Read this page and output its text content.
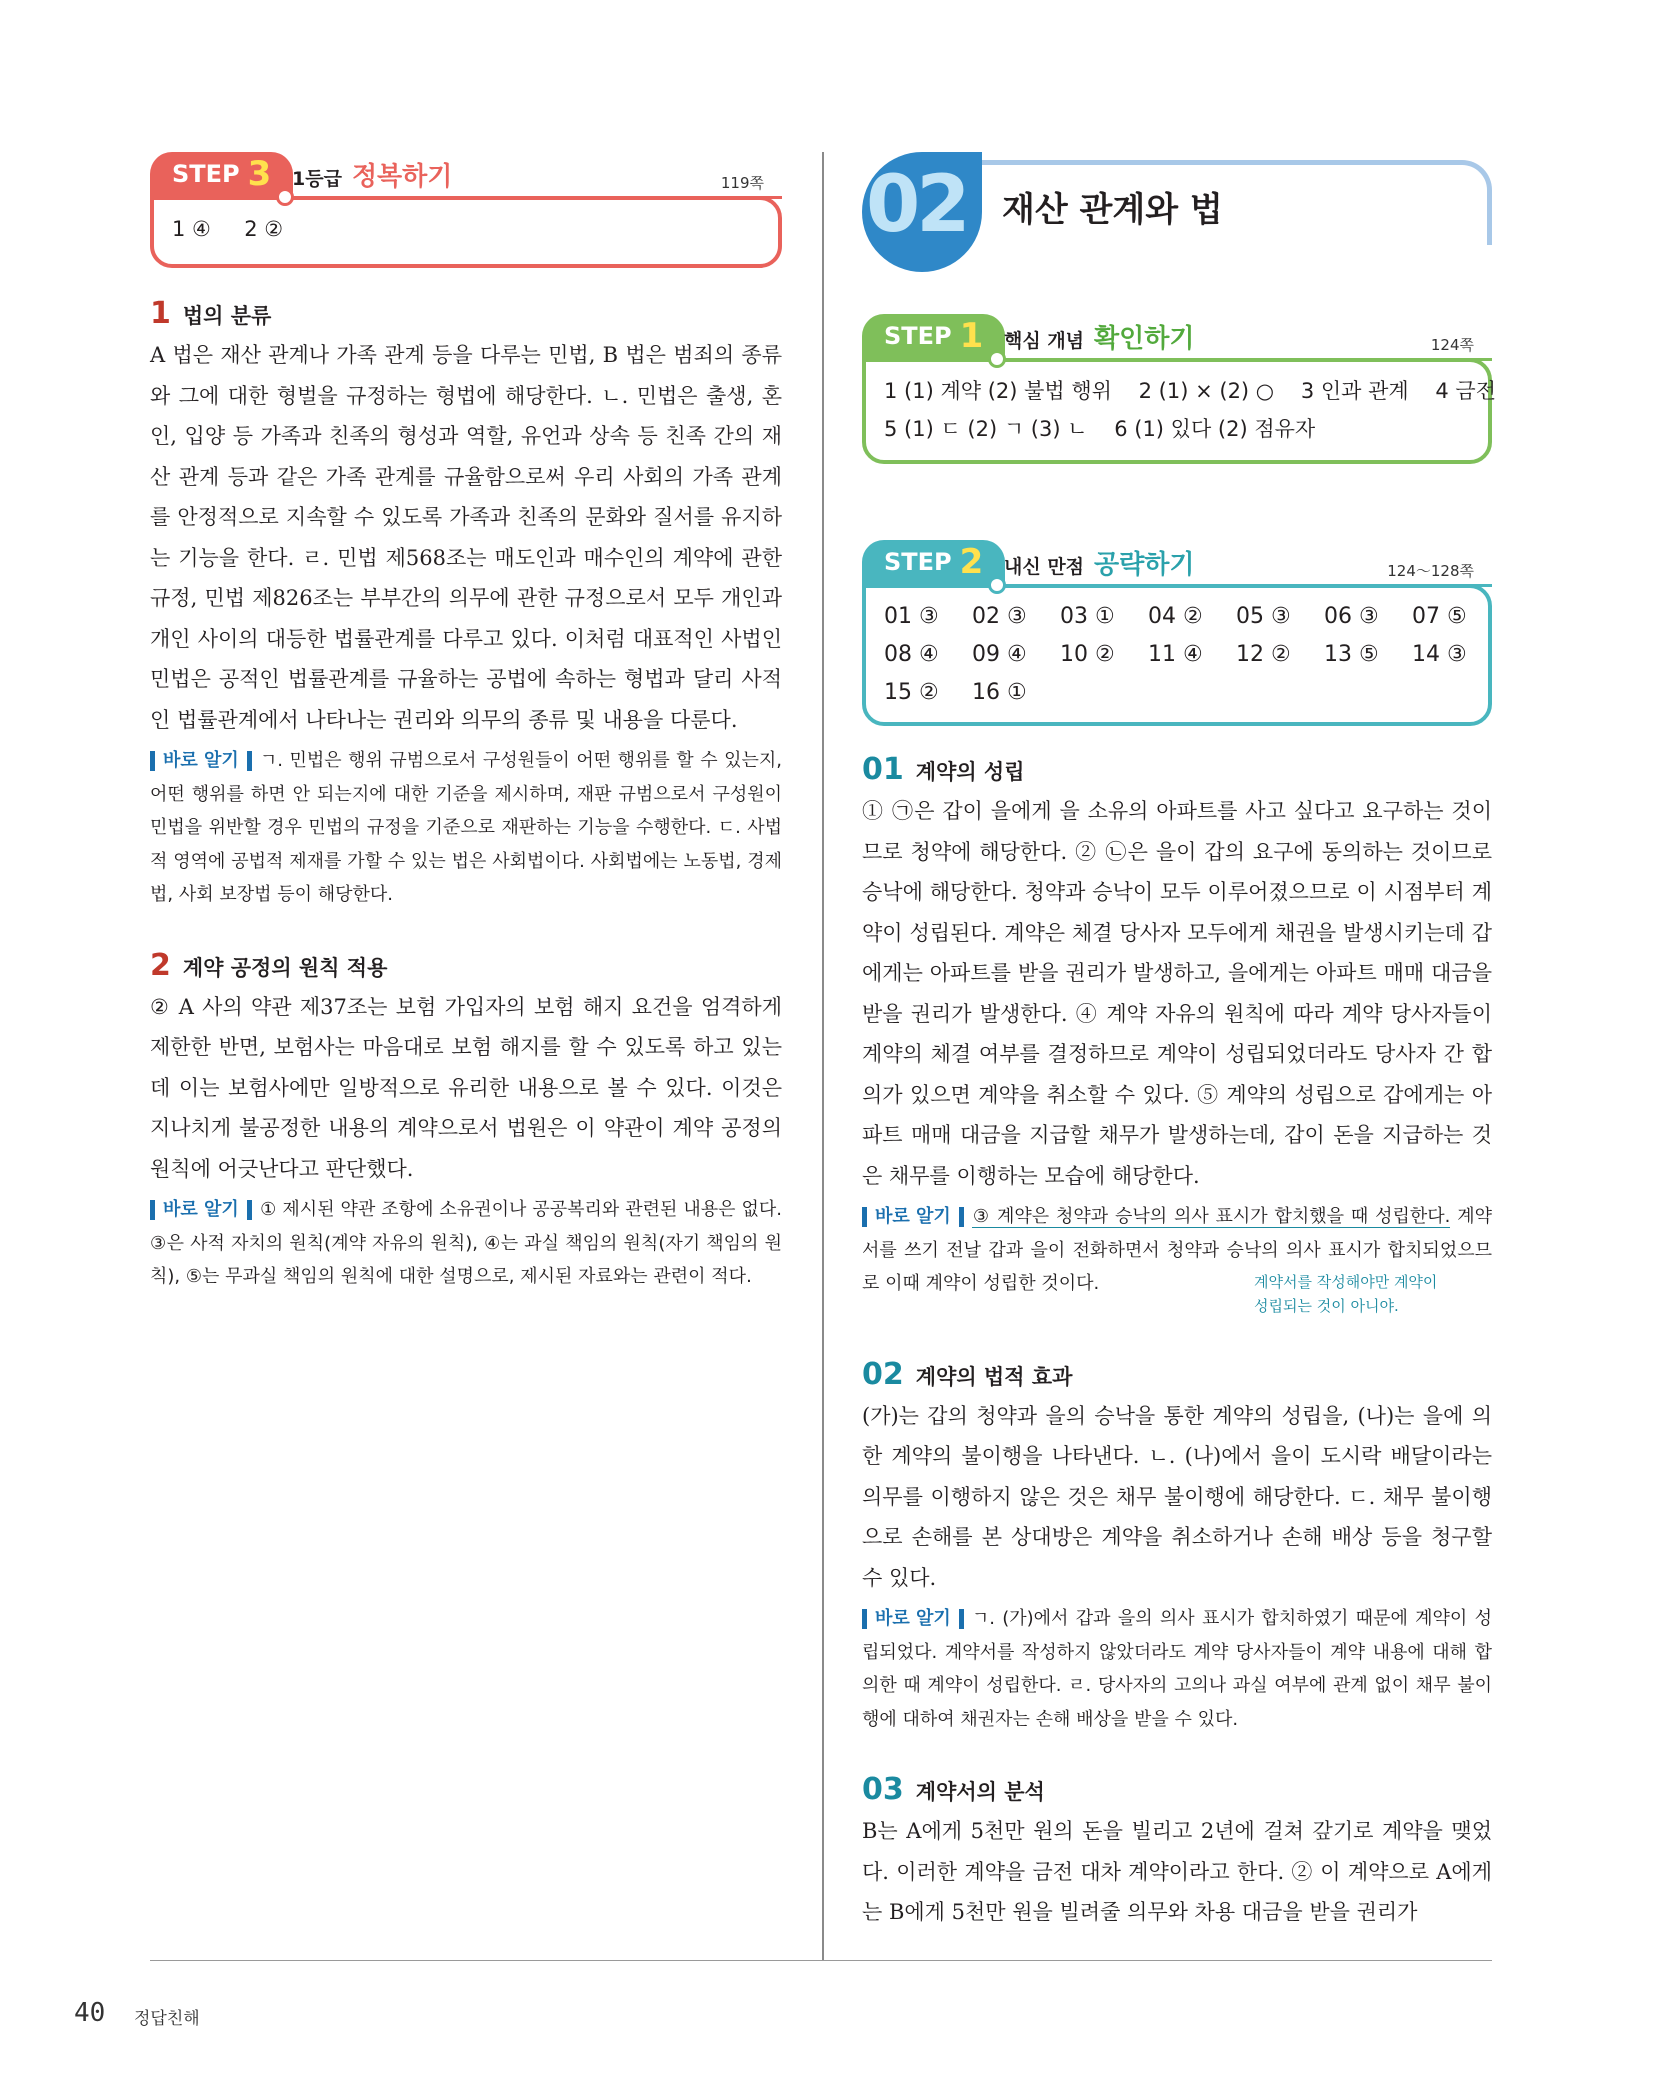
STEP 3 1등급 정복하기	119쪽
1 ④     2 ②
1 법의 분류

A 법은 재산 관계나 가족 관계 등을 다루는 민법, B 법은 범죄의 종류와 그에 대한 형벌을 규정하는 형법에 해당한다. ㄴ. 민법은 출생, 혼인, 입양 등 가족과 친족의 형성과 역할, 유언과 상속 등 친족 간의 재산 관계 등과 같은 가족 관계를 규율함으로써 우리 사회의 가족 관계를 안정적으로 지속할 수 있도록 가족과 친족의 문화와 질서를 유지하는 기능을 한다. ㄹ. 민법 제568조는 매도인과 매수인의 계약에 관한 규정, 민법 제826조는 부부간의 의무에 관한 규정으로서 모두 개인과 개인 사이의 대등한 법률관계를 다루고 있다. 이처럼 대표적인 사법인 민법은 공적인 법률관계를 규율하는 공법에 속하는 형법과 달리 사적인 법률관계에서 나타나는 권리와 의무의 종류 및 내용을 다룬다.

바로 알기 ㄱ. 민법은 행위 규범으로서 구성원들이 어떤 행위를 할 수 있는지, 어떤 행위를 하면 안 되는지에 대한 기준을 제시하며, 재판 규범으로서 구성원이 민법을 위반할 경우 민법의 규정을 기준으로 재판하는 기능을 수행한다. ㄷ. 사법적 영역에 공법적 제재를 가할 수 있는 법은 사회법이다. 사회법에는 노동법, 경제법, 사회 보장법 등이 해당한다.

2 계약 공정의 원칙 적용

② A 사의 약관 제37조는 보험 가입자의 보험 해지 요건을 엄격하게 제한한 반면, 보험사는 마음대로 보험 해지를 할 수 있도록 하고 있는데 이는 보험사에만 일방적으로 유리한 내용으로 볼 수 있다. 이것은 지나치게 불공정한 내용의 계약으로서 법원은 이 약관이 계약 공정의 원칙에 어긋난다고 판단했다.

바로 알기 ① 제시된 약관 조항에 소유권이나 공공복리와 관련된 내용은 없다. ③은 사적 자치의 원칙(계약 자유의 원칙), ④는 과실 책임의 원칙(자기 책임의 원칙), ⑤는 무과실 책임의 원칙에 대한 설명으로, 제시된 자료와는 관련이 적다.

02 재산 관계와 법
STEP 1 핵심 개념 확인하기	124쪽
1 (1) 계약 (2) 불법 행위    2 (1) × (2) ○    3 인과 관계    4 금전
5 (1) ㄷ (2) ㄱ (3) ㄴ    6 (1) 있다 (2) 점유자
STEP 2 내신 만점 공략하기	124～128쪽
01 ③	02 ③	03 ①	04 ②	05 ③	06 ③	07 ⑤
08 ④	09 ④	10 ②	11 ④	12 ②	13 ⑤	14 ③
15 ②	16 ①
01 계약의 성립

① ㉠은 갑이 을에게 을 소유의 아파트를 사고 싶다고 요구하는 것이므로 청약에 해당한다. ② ㉡은 을이 갑의 요구에 동의하는 것이므로 승낙에 해당한다. 청약과 승낙이 모두 이루어졌으므로 이 시점부터 계약이 성립된다. 계약은 체결 당사자 모두에게 채권을 발생시키는데 갑에게는 아파트를 받을 권리가 발생하고, 을에게는 아파트 매매 대금을 받을 권리가 발생한다. ④ 계약 자유의 원칙에 따라 계약 당사자들이 계약의 체결 여부를 결정하므로 계약이 성립되었더라도 당사자 간 합의가 있으면 계약을 취소할 수 있다. ⑤ 계약의 성립으로 갑에게는 아파트 매매 대금을 지급할 채무가 발생하는데, 갑이 돈을 지급하는 것은 채무를 이행하는 모습에 해당한다.

바로 알기 ③ 계약은 청약과 승낙의 의사 표시가 합치했을 때 성립한다. 계약서를 쓰기 전날 갑과 을이 전화하면서 청약과 승낙의 의사 표시가 합치되었으므로 이때 계약이 성립한 것이다.	계약서를 작성해야만 계약이
성립되는 것이 아니야.
02 계약의 법적 효과

(가)는 갑의 청약과 을의 승낙을 통한 계약의 성립을, (나)는 을에 의한 계약의 불이행을 나타낸다. ㄴ. (나)에서 을이 도시락 배달이라는 의무를 이행하지 않은 것은 채무 불이행에 해당한다. ㄷ. 채무 불이행으로 손해를 본 상대방은 계약을 취소하거나 손해 배상 등을 청구할 수 있다.

바로 알기 ㄱ. (가)에서 갑과 을의 의사 표시가 합치하였기 때문에 계약이 성립되었다. 계약서를 작성하지 않았더라도 계약 당사자들이 계약 내용에 대해 합의한 때 계약이 성립한다. ㄹ. 당사자의 고의나 과실 여부에 관계 없이 채무 불이행에 대하여 채권자는 손해 배상을 받을 수 있다.

03 계약서의 분석

B는 A에게 5천만 원의 돈을 빌리고 2년에 걸쳐 갚기로 계약을 맺었다. 이러한 계약을 금전 대차 계약이라고 한다. ② 이 계약으로 A에게는 B에게 5천만 원을 빌려줄 의무와 차용 대금을 받을 권리가

40 정답친해
